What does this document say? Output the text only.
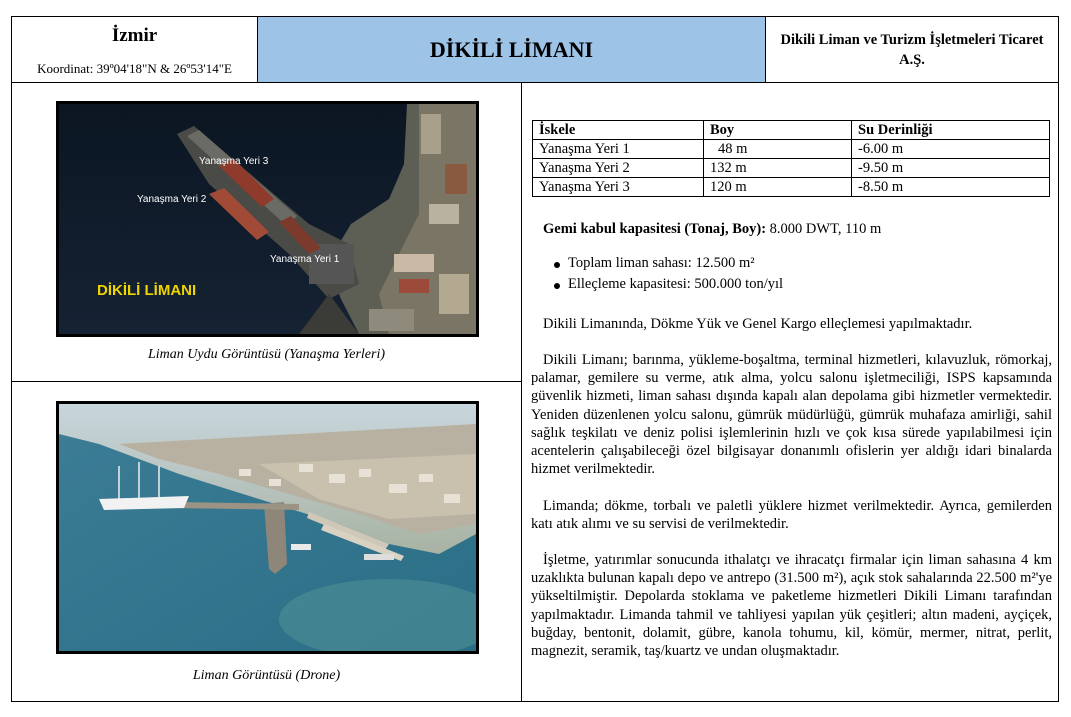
İzmir
Koordinat: 39º04'18"N & 26º53'14"E
DİKİLİ LİMANI	Dikili Liman ve Turizm İşletmeleri Ticaret A.Ş.
Yanaşma Yeri 3
Yanaşma Yeri 2
Yanaşma Yeri 1
DİKİLİ LİMANI
Liman Uydu Görüntüsü (Yanaşma Yerleri)
Liman Görüntüsü (Drone)
İskele	Boy	Su Derinliği
Yanaşma Yeri 1	48 m	-6.00 m
Yanaşma Yeri 2	132 m	-9.50 m
Yanaşma Yeri 3	120 m	-8.50 m
Gemi kabul kapasitesi (Tonaj, Boy): 8.000 DWT, 110 m
Toplam liman sahası: 12.500 m²
Elleçleme kapasitesi: 500.000 ton/yıl
Dikili Limanında, Dökme Yük ve Genel Kargo elleçlemesi yapılmaktadır.
Dikili Limanı; barınma, yükleme-boşaltma, terminal hizmetleri, kılavuzluk, römorkaj, palamar, gemilere su verme, atık alma, yolcu salonu işletmeciliği, ISPS kapsamında güvenlik hizmeti, liman sahası dışında kapalı alan depolama gibi hizmetler vermektedir. Yeniden düzenlenen yolcu salonu, gümrük müdürlüğü, gümrük muhafaza amirliği, sahil sağlık teşkilatı ve deniz polisi işlemlerinin hızlı ve çok kısa sürede yapılabilmesi için acentelerin çalışabileceği özel bilgisayar donanımlı ofislerin yer aldığı idari binalarda hizmet verilmektedir.
Limanda; dökme, torbalı ve paletli yüklere hizmet verilmektedir. Ayrıca, gemilerden katı atık alımı ve su servisi de verilmektedir.
İşletme, yatırımlar sonucunda ithalatçı ve ihracatçı firmalar için liman sahasına 4 km uzaklıkta bulunan kapalı depo ve antrepo (31.500 m²), açık stok sahalarında 22.500 m²'ye yükseltilmiştir. Depolarda stoklama ve paketleme hizmetleri Dikili Limanı tarafından yapılmaktadır. Limanda tahmil ve tahliyesi yapılan yük çeşitleri; altın madeni, ayçiçek, buğday, bentonit, dolamit, gübre, kanola tohumu, kil, kömür, mermer, nitrat, perlit, magnezit, seramik, taş/kuartz ve undan oluşmaktadır.
